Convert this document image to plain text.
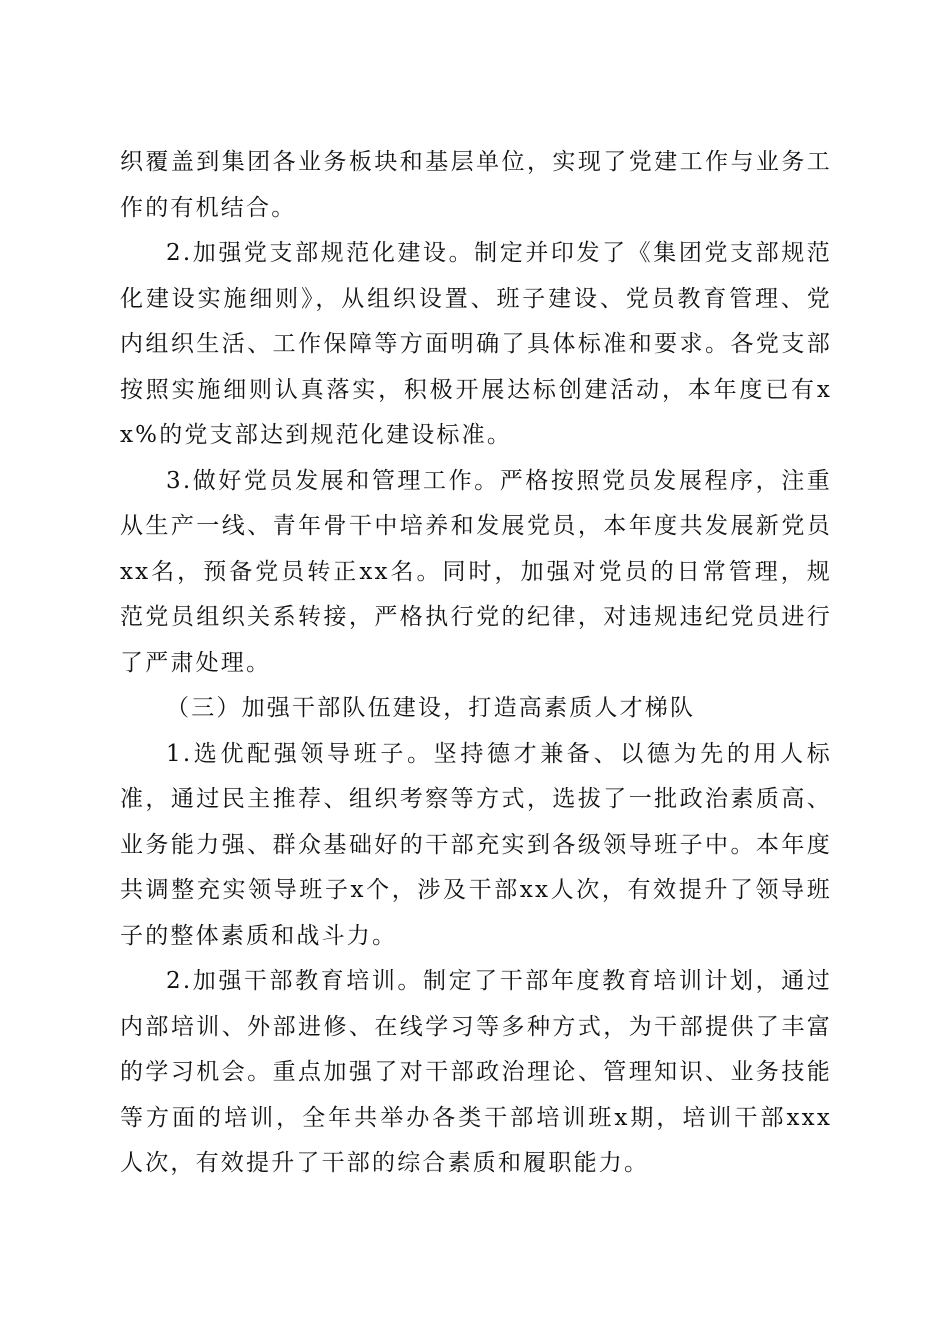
织覆盖到集团各业务板块和基层单位，实现了党建工作与业务工作的有机结合。

2.加强党支部规范化建设。制定并印发了《集团党支部规范化建设实施细则》，从组织设置、班子建设、党员教育管理、党内组织生活、工作保障等方面明确了具体标准和要求。各党支部按照实施细则认真落实，积极开展达标创建活动，本年度已有xx%的党支部达到规范化建设标准。

3.做好党员发展和管理工作。严格按照党员发展程序，注重从生产一线、青年骨干中培养和发展党员，本年度共发展新党员xx名，预备党员转正xx名。同时，加强对党员的日常管理，规范党员组织关系转接，严格执行党的纪律，对违规违纪党员进行了严肃处理。

（三）加强干部队伍建设，打造高素质人才梯队

1.选优配强领导班子。坚持德才兼备、以德为先的用人标准，通过民主推荐、组织考察等方式，选拔了一批政治素质高、业务能力强、群众基础好的干部充实到各级领导班子中。本年度共调整充实领导班子x个，涉及干部xx人次，有效提升了领导班子的整体素质和战斗力。

2.加强干部教育培训。制定了干部年度教育培训计划，通过内部培训、外部进修、在线学习等多种方式，为干部提供了丰富的学习机会。重点加强了对干部政治理论、管理知识、业务技能等方面的培训，全年共举办各类干部培训班x期，培训干部xxx人次，有效提升了干部的综合素质和履职能力。
